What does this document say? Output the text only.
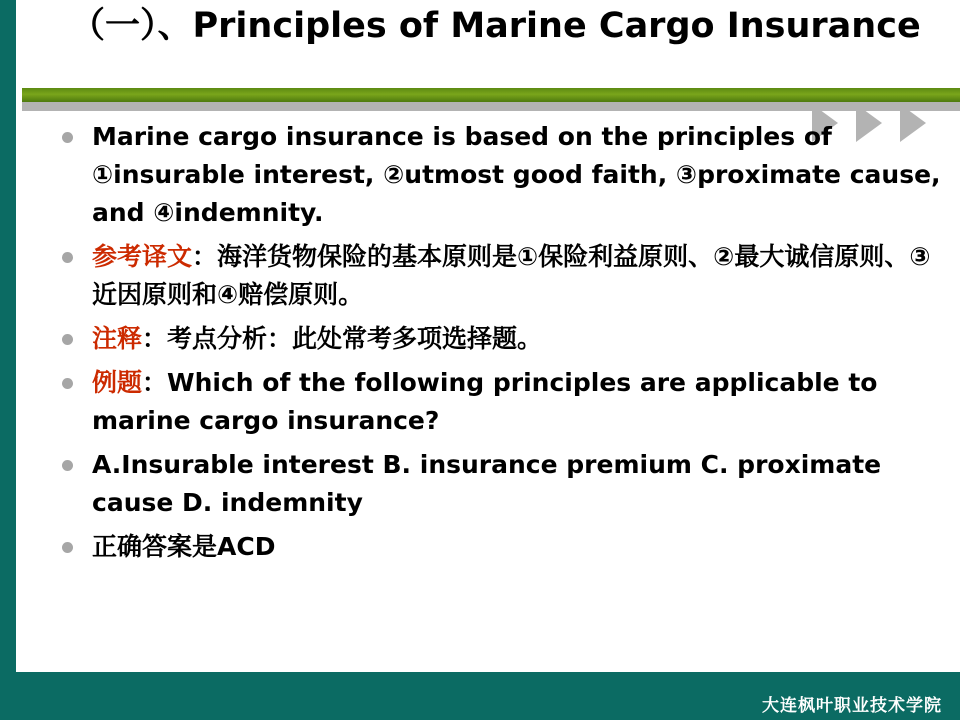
（一）、Principles of Marine Cargo Insurance
Marine cargo insurance is based on the principles of ①insurable interest, ②utmost good faith, ③proximate cause, and ④indemnity.
参考译文：海洋货物保险的基本原则是①保险利益原则、②最大诚信原则、③近因原则和④赔偿原则。
注释：考点分析：此处常考多项选择题。
例题：Which of the following principles are applicable to marine cargo insurance?
A.Insurable interest B. insurance premium C. proximate cause D. indemnity
正确答案是ACD
大连枫叶职业技术学院
